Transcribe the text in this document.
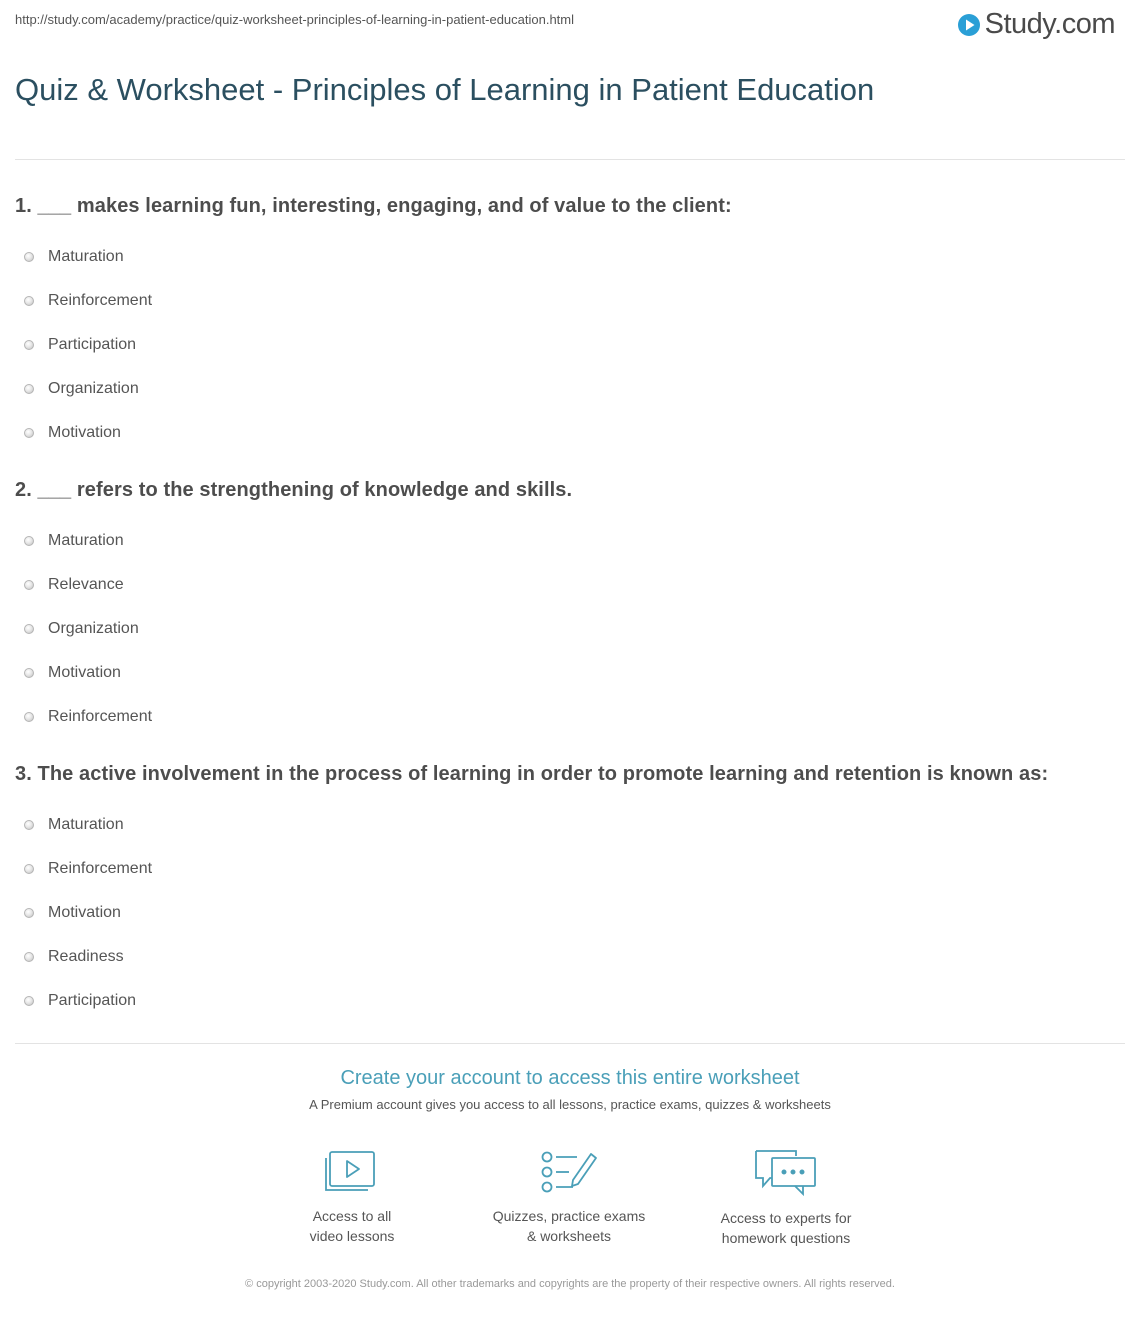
http://study.com/academy/practice/quiz-worksheet-principles-of-learning-in-patient-education.html	Study.com
Quiz & Worksheet - Principles of Learning in Patient Education

1. ___ makes learning fun, interesting, engaging, and of value to the client:

Maturation
Reinforcement
Participation
Organization
Motivation

2. ___ refers to the strengthening of knowledge and skills.

Maturation
Relevance
Organization
Motivation
Reinforcement

3. The active involvement in the process of learning in order to promote learning and retention is known as:

Maturation
Reinforcement
Motivation
Readiness
Participation
Create your account to access this entire worksheet
A Premium account gives you access to all lessons, practice exams, quizzes & worksheets
Access to all
video lessons
Quizzes, practice exams
& worksheets
Access to experts for
homework questions
© copyright 2003-2020 Study.com. All other trademarks and copyrights are the property of their respective owners. All rights reserved.
